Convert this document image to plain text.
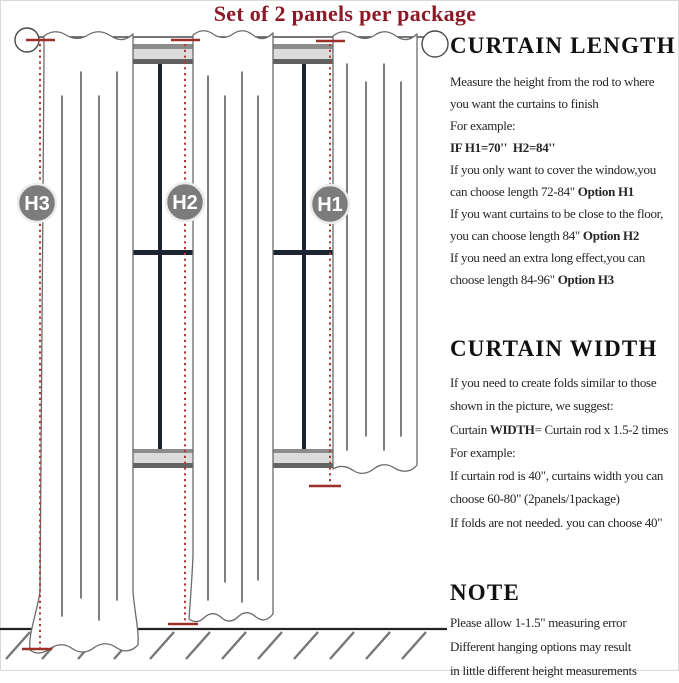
H3	H2	H1
Set of 2 panels per package
CURTAIN LENGTH
Measure the height from the rod to where
you want the curtains to finish
For example:
IF H1=70''  H2=84''
If you only want to cover the window,you
can choose length 72-84" Option H1
If you want curtains to be close to the floor,
you can choose length 84" Option H2
If you need an extra long effect,you can
choose length 84-96" Option H3
CURTAIN WIDTH
If you need to create folds similar to those
shown in the picture, we suggest:
Curtain WIDTH= Curtain rod x 1.5-2 times
For example:
If curtain rod is 40", curtains width you can
choose 60-80" (2panels/1package)
If folds are not needed. you can choose 40"
NOTE
Please allow 1-1.5" measuring error
Different hanging options may result
in little different height measurements
